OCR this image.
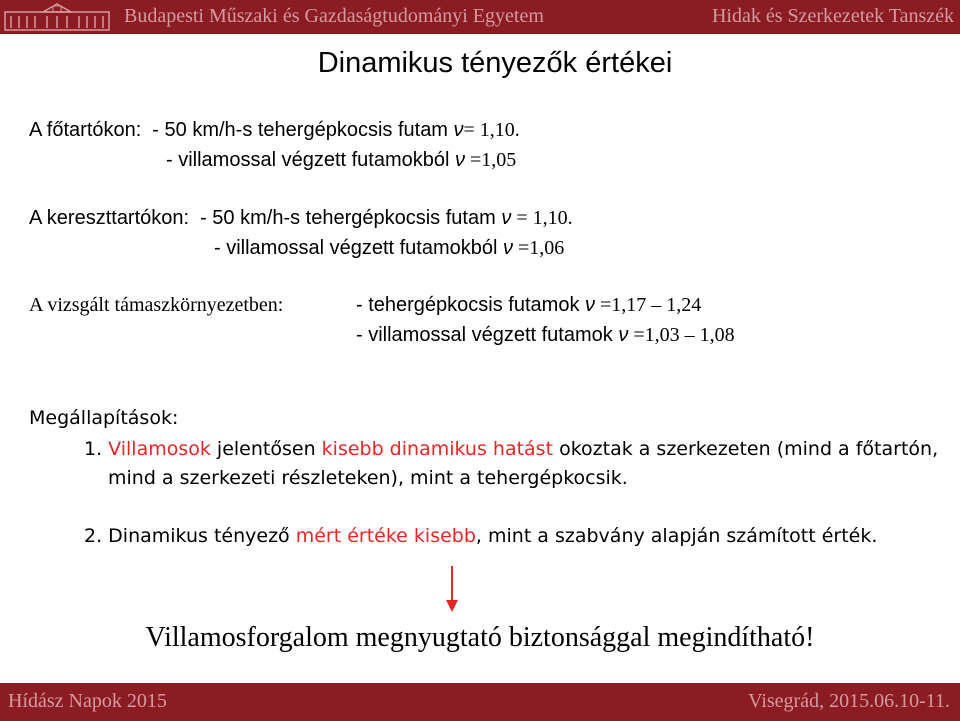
Budapesti Műszaki és Gazdaságtudományi Egyetem	Hidak és Szerkezetek Tanszék
Dinamikus tényezők értékei
A főtartókon: - 50 km/h-s tehergépkocsis futam ν= 1,10.
- villamossal végzett futamokból ν =1,05
A kereszttartókon: - 50 km/h-s tehergépkocsis futam ν = 1,10.
- villamossal végzett futamokból ν =1,06
A vizsgált támaszkörnyezetben:	- tehergépkocsis futamok ν =1,17 – 1,24
- villamossal végzett futamok ν =1,03 – 1,08
Megállapítások:
1. Villamosok jelentősen kisebb dinamikus hatást okoztak a szerkezeten (mind a főtartón,
mind a szerkezeti részleteken), mint a tehergépkocsik.
2. Dinamikus tényező mért értéke kisebb, mint a szabvány alapján számított érték.
Villamosforgalom megnyugtató biztonsággal megindítható!
Hídász Napok 2015	Visegrád, 2015.06.10-11.
